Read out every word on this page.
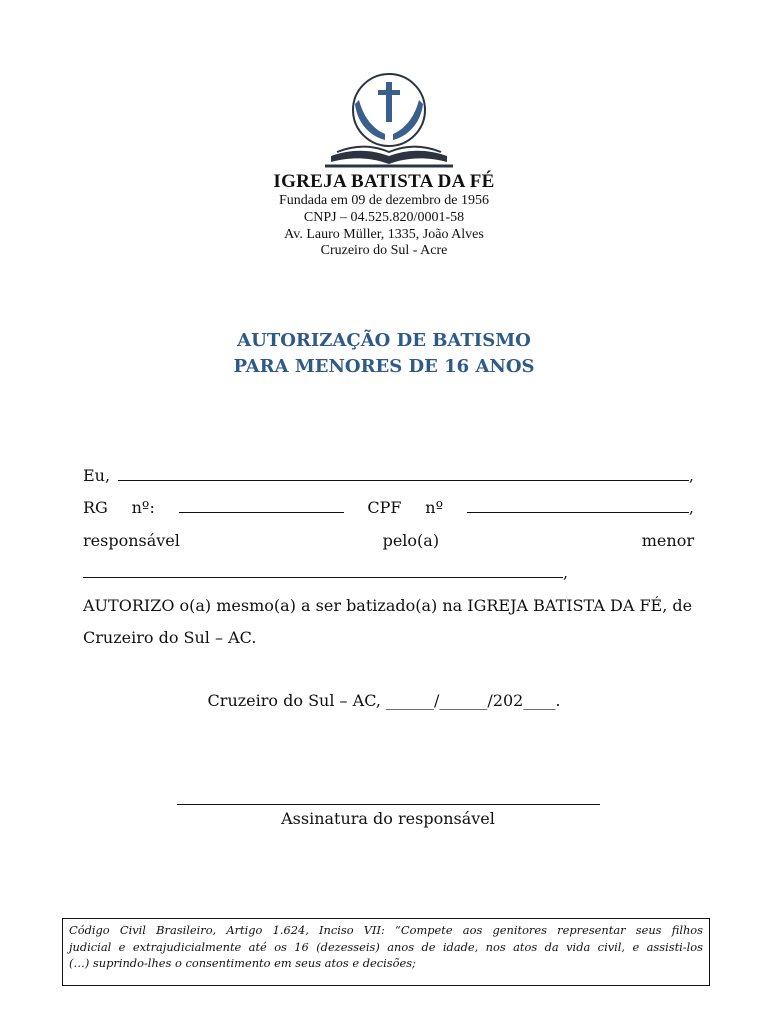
IGREJA BATISTA DA FÉ
Fundada em 09 de dezembro de 1956
CNPJ – 04.525.820/0001-58
Av. Lauro Müller, 1335, João Alves
Cruzeiro do Sul - Acre
AUTORIZAÇÃO DE BATISMO
PARA MENORES DE 16 ANOS
Eu,	,
RG nº:	CPF nº	,
responsável	pelo(a)	menor
,
AUTORIZO o(a) mesmo(a) a ser batizado(a) na IGREJA BATISTA DA FÉ, de
Cruzeiro do Sul – AC.
Cruzeiro do Sul – AC, ______/______/202____.
Assinatura do responsável
Código Civil Brasileiro, Artigo 1.624, Inciso VII: “Compete aos genitores representar seus filhos
judicial e extrajudicialmente até os 16 (dezesseis) anos de idade, nos atos da vida civil, e assisti-los
(…) suprindo-lhes o consentimento em seus atos e decisões;
